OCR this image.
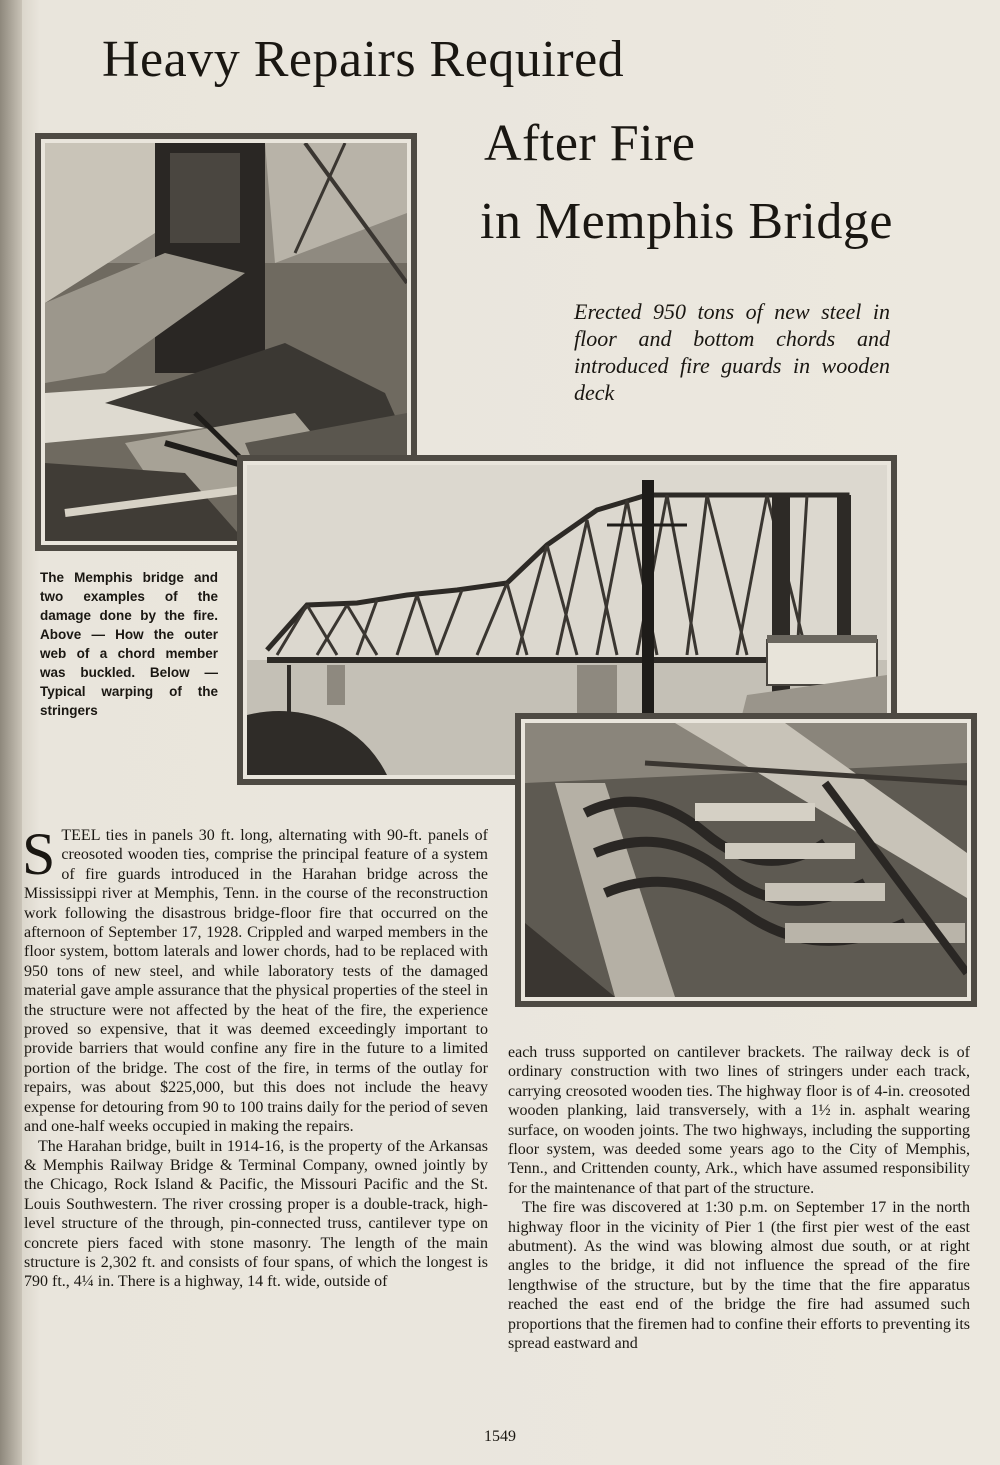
Heavy Repairs Required
After Fire
in Memphis Bridge

Erected 950 tons of new steel in floor and bottom chords and introduced fire guards in wooden deck

The Memphis bridge and two examples of the damage done by the fire. Above — How the outer web of a chord member was buckled. Below —Typical warping of the stringers

STEEL ties in panels 30 ft. long, alternating with 90-ft. panels of creosoted wooden ties, comprise the principal feature of a system of fire guards introduced in the Harahan bridge across the Mississippi river at Memphis, Tenn. in the course of the reconstruction work following the disastrous bridge-floor fire that occurred on the afternoon of September 17, 1928. Crippled and warped members in the floor system, bottom laterals and lower chords, had to be replaced with 950 tons of new steel, and while laboratory tests of the damaged material gave ample assurance that the physical properties of the steel in the structure were not affected by the heat of the fire, the experience proved so expensive, that it was deemed exceedingly important to provide barriers that would confine any fire in the future to a limited portion of the bridge. The cost of the fire, in terms of the outlay for repairs, was about $225,000, but this does not include the heavy expense for detouring from 90 to 100 trains daily for the period of seven and one-half weeks occupied in making the repairs.

The Harahan bridge, built in 1914-16, is the property of the Arkansas & Memphis Railway Bridge & Terminal Company, owned jointly by the Chicago, Rock Island & Pacific, the Missouri Pacific and the St. Louis Southwestern. The river crossing proper is a double-track, high-level structure of the through, pin-connected truss, cantilever type on concrete piers faced with stone masonry. The length of the main structure is 2,302 ft. and consists of four spans, of which the longest is 790 ft., 4¼ in. There is a highway, 14 ft. wide, outside of

each truss supported on cantilever brackets. The railway deck is of ordinary construction with two lines of stringers under each track, carrying creosoted wooden ties. The highway floor is of 4-in. creosoted wooden planking, laid transversely, with a 1½ in. asphalt wearing surface, on wooden joints. The two highways, including the supporting floor system, was deeded some years ago to the City of Memphis, Tenn., and Crittenden county, Ark., which have assumed responsibility for the maintenance of that part of the structure.

The fire was discovered at 1:30 p.m. on September 17 in the north highway floor in the vicinity of Pier 1 (the first pier west of the east abutment). As the wind was blowing almost due south, or at right angles to the bridge, it did not influence the spread of the fire lengthwise of the structure, but by the time that the fire apparatus reached the east end of the bridge the fire had assumed such proportions that the firemen had to confine their efforts to preventing its spread eastward and

1549
